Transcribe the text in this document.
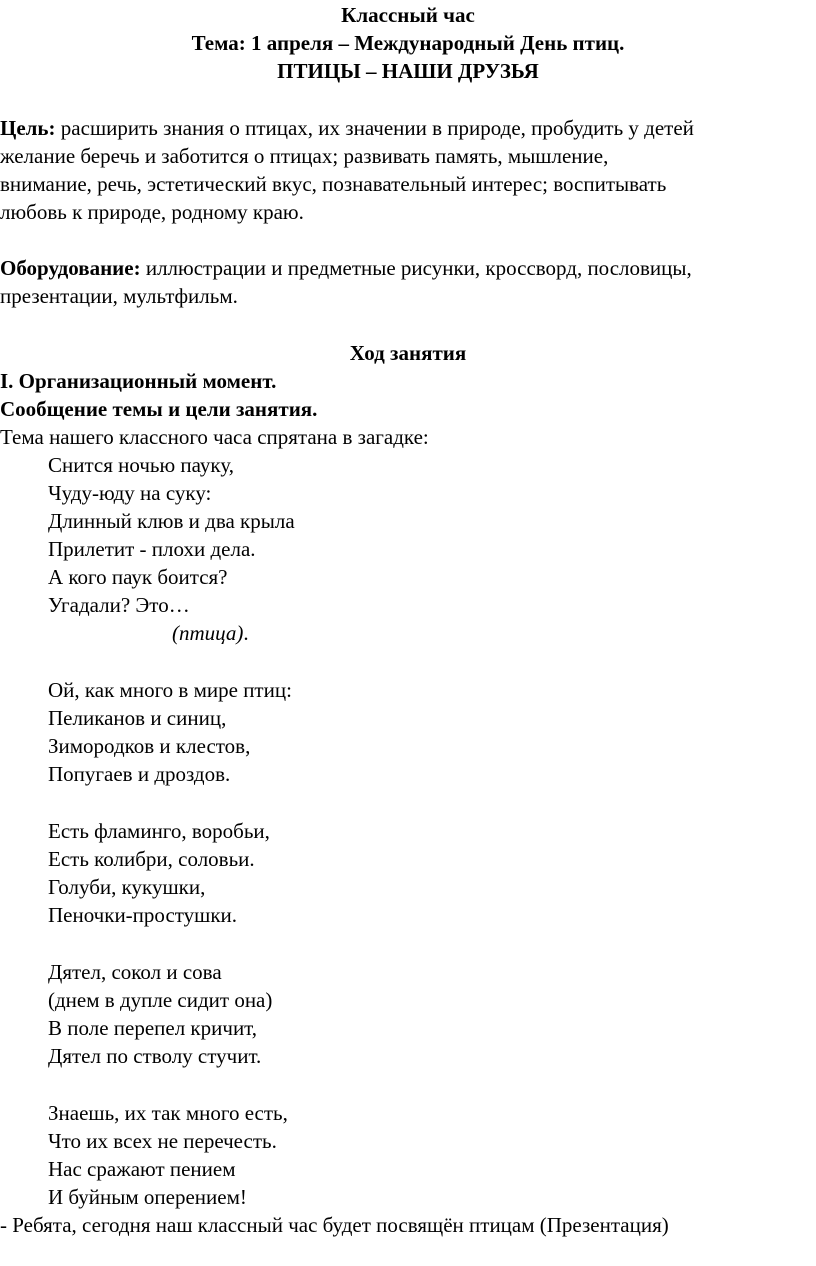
Классный час
Тема: 1 апреля – Международный День птиц.
ПТИЦЫ – НАШИ ДРУЗЬЯ
Цель: расширить знания о птицах, их значении в природе, пробудить у детей
желание беречь и заботится о птицах; развивать память, мышление,
внимание, речь, эстетический вкус, познавательный интерес; воспитывать
любовь к природе, родному краю.
Оборудование: иллюстрации и предметные рисунки, кроссворд, пословицы,
презентации, мультфильм.
Ход занятия
I. Организационный момент.
Сообщение темы и цели занятия.
Тема нашего классного часа спрятана в загадке:
Снится ночью пауку,
Чуду-юду на суку:
Длинный клюв и два крыла
Прилетит - плохи дела.
А кого паук боится?
Угадали? Это…
(птица).
Ой, как много в мире птиц:
Пеликанов и синиц,
Зимородков и клестов,
Попугаев и дроздов.
Есть фламинго, воробьи,
Есть колибри, соловьи.
Голуби, кукушки,
Пеночки-простушки.
Дятел, сокол и сова
(днем в дупле сидит она)
В поле перепел кричит,
Дятел по стволу стучит.
Знаешь, их так много есть,
Что их всех не перечесть.
Нас сражают пением
И буйным оперением!
- Ребята, сегодня наш классный час будет посвящён птицам (Презентация)
